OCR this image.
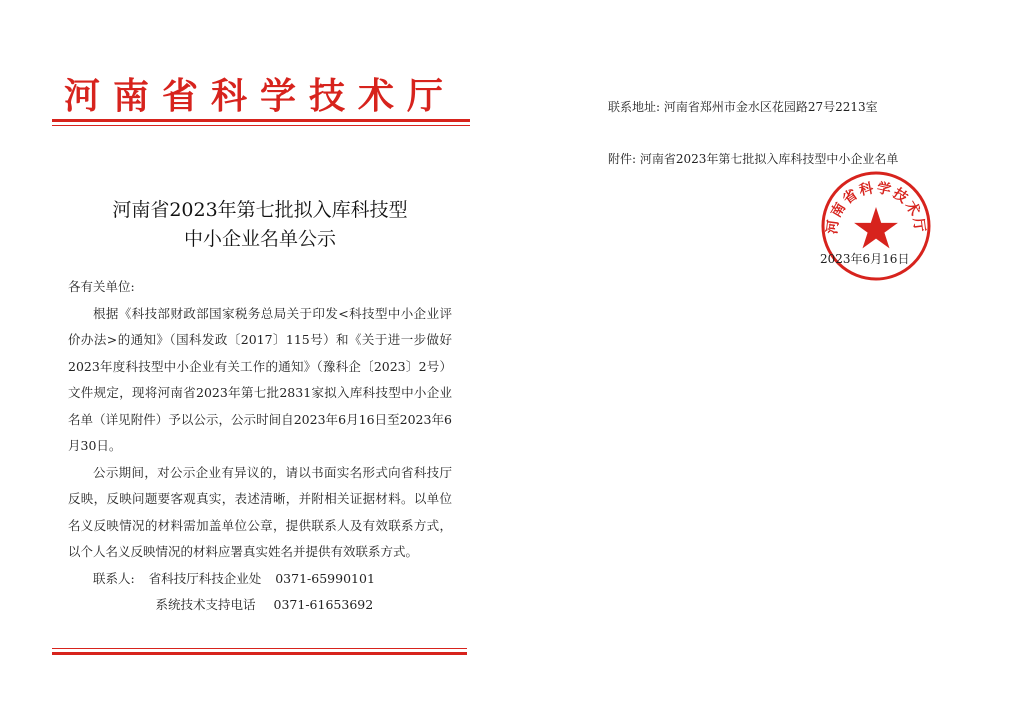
河南省科学技术厅
河南省2023年第七批拟入库科技型
中小企业名单公示

各有关单位:

根据《科技部财政部国家税务总局关于印发<科技型中小企业评价办法>的通知》（国科发政〔2017〕115号）和《关于进一步做好2023年度科技型中小企业有关工作的通知》（豫科企〔2023〕2号）文件规定，现将河南省2023年第七批2831家拟入库科技型中小企业名单（详见附件）予以公示，公示时间自2023年6月16日至2023年6月30日。

公示期间，对公示企业有异议的，请以书面实名形式向省科技厅反映，反映问题要客观真实，表述清晰，并附相关证据材料。以单位名义反映情况的材料需加盖单位公章，提供联系人及有效联系方式，以个人名义反映情况的材料应署真实姓名并提供有效联系方式。

联系人: 省科技厅科技企业处 0371-65990101

系统技术支持电话 0371-61653692

联系地址: 河南省郑州市金水区花园路27号2213室
附件: 河南省2023年第七批拟入库科技型中小企业名单
河南省科学技术厅
2023年6月16日
